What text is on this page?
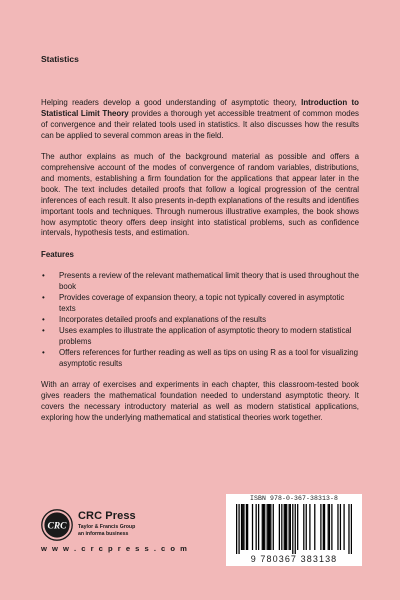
Statistics

Helping readers develop a good understanding of asymptotic theory, Introduction to Statistical Limit Theory provides a thorough yet accessible treatment of common modes of convergence and their related tools used in statistics. It also discusses how the results can be applied to several common areas in the field.

The author explains as much of the background material as possible and offers a comprehensive account of the modes of convergence of random variables, distributions, and moments, establishing a firm foundation for the applications that appear later in the book. The text includes detailed proofs that follow a logical progression of the central inferences of each result. It also presents in-depth explanations of the results and identifies important tools and techniques. Through numerous illustrative examples, the book shows how asymptotic theory offers deep insight into statistical problems, such as confidence intervals, hypothesis tests, and estimation.

Features

• Presents a review of the relevant mathematical limit theory that is used throughout the book
• Provides coverage of expansion theory, a topic not typically covered in asymptotic texts
• Incorporates detailed proofs and explanations of the results
• Uses examples to illustrate the application of asymptotic theory to modern statistical problems
• Offers references for further reading as well as tips on using R as a tool for visualizing asymptotic results

With an array of exercises and experiments in each chapter, this classroom-tested book gives readers the mathematical foundation needed to understand asymptotic theory. It covers the necessary introductory material as well as modern statistical applications, exploring how the underlying mathematical and statistical theories work together.

CRC
CRC Press
Taylor & Francis Group
an informa business
w w w . c r c p r e s s . c o m
ISBN 978-0-367-38313-8
9 780367 383138
